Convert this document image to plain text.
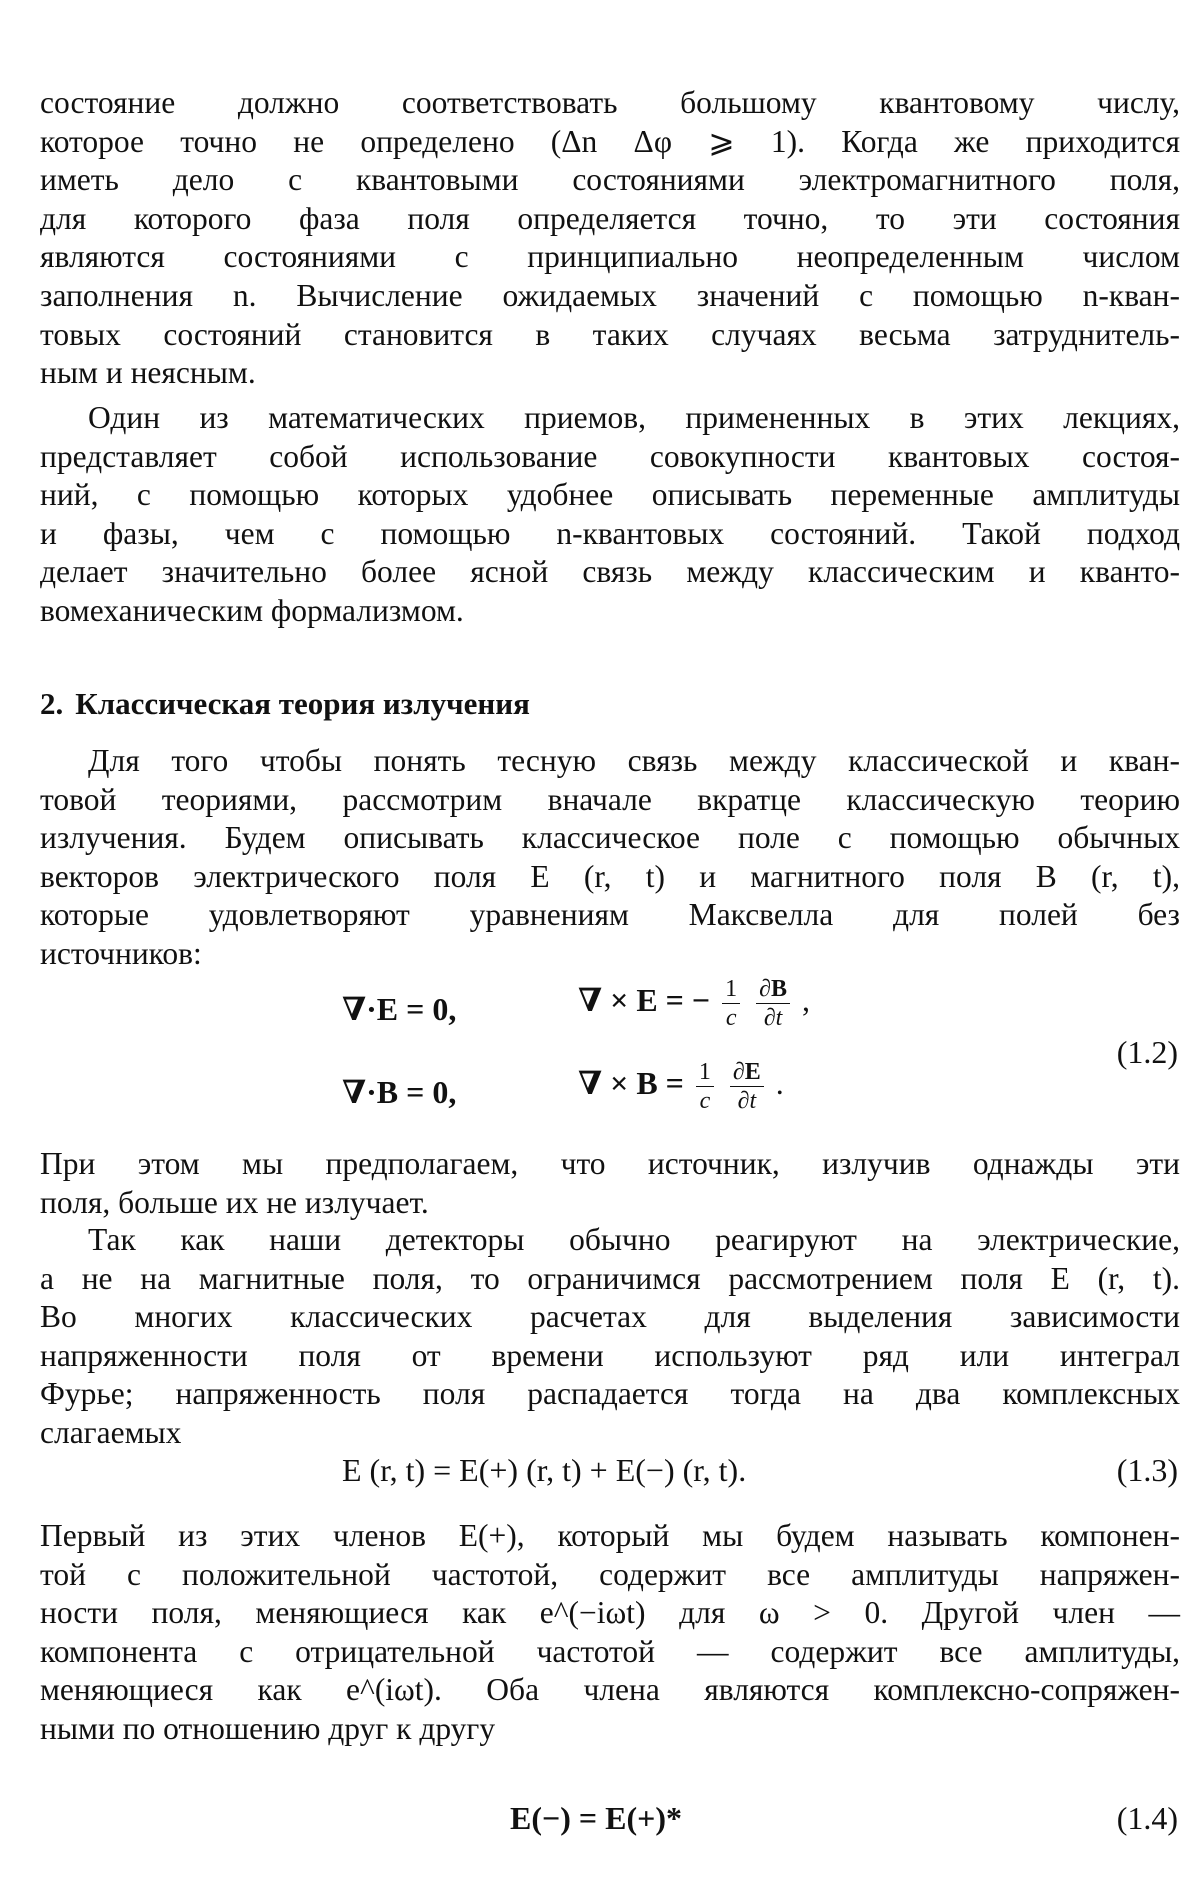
состояние должно соответствовать большому квантовому числу,
которое точно не определено (Δn Δφ ⩾ 1). Когда же приходится
иметь дело с квантовыми состояниями электромагнитного поля,
для которого фаза поля определяется точно, то эти состояния
являются состояниями с принципиально неопределенным числом
заполнения n. Вычисление ожидаемых значений с помощью n-кван-
товых состояний становится в таких случаях весьма затруднитель-
ным и неясным.
Один из математических приемов, примененных в этих лекциях,
представляет собой использование совокупности квантовых состоя-
ний, с помощью которых удобнее описывать переменные амплитуды
и фазы, чем с помощью n-квантовых состояний. Такой подход
делает значительно более ясной связь между классическим и кванто-
вомеханическим формализмом.
2. Классическая теория излучения
Для того чтобы понять тесную связь между классической и кван-
товой теориями, рассмотрим вначале вкратце классическую теорию
излучения. Будем описывать классическое поле с помощью обычных
векторов электрического поля E (r, t) и магнитного поля B (r, t),
которые удовлетворяют уравнениям Максвелла для полей без
источников:
∇·E = 0,	∇ × E = − $\frac{1}{c}$
$\frac{\partial B}{\partial t}$ ,
∇·B = 0,	∇ × $B = \frac{1}{c}$
$\frac{\partial E}{\partial t}$ .
(1.2)
При этом мы предполагаем, что источник, излучив однажды эти
поля, больше их не излучает.
Так как наши детекторы обычно реагируют на электрические,
а не на магнитные поля, то ограничимся рассмотрением поля E (r, t).
Во многих классических расчетах для выделения зависимости
напряженности поля от времени используют ряд или интеграл
Фурье; напряженность поля распадается тогда на два комплексных
слагаемых
E (r, t) = E(+) (r, t) + E(−) (r, t).	(1.3)
Первый из этих членов E(+), который мы будем называть компонен-
той с положительной частотой, содержит все амплитуды напряжен-
ности поля, меняющиеся как e^(−iωt) для ω > 0. Другой член —
компонента с отрицательной частотой — содержит все амплитуды,
меняющиеся как e^(iωt). Оба члена являются комплексно-сопряжен-
ными по отношению друг к другу
E(−) = E(+)*	(1.4)
